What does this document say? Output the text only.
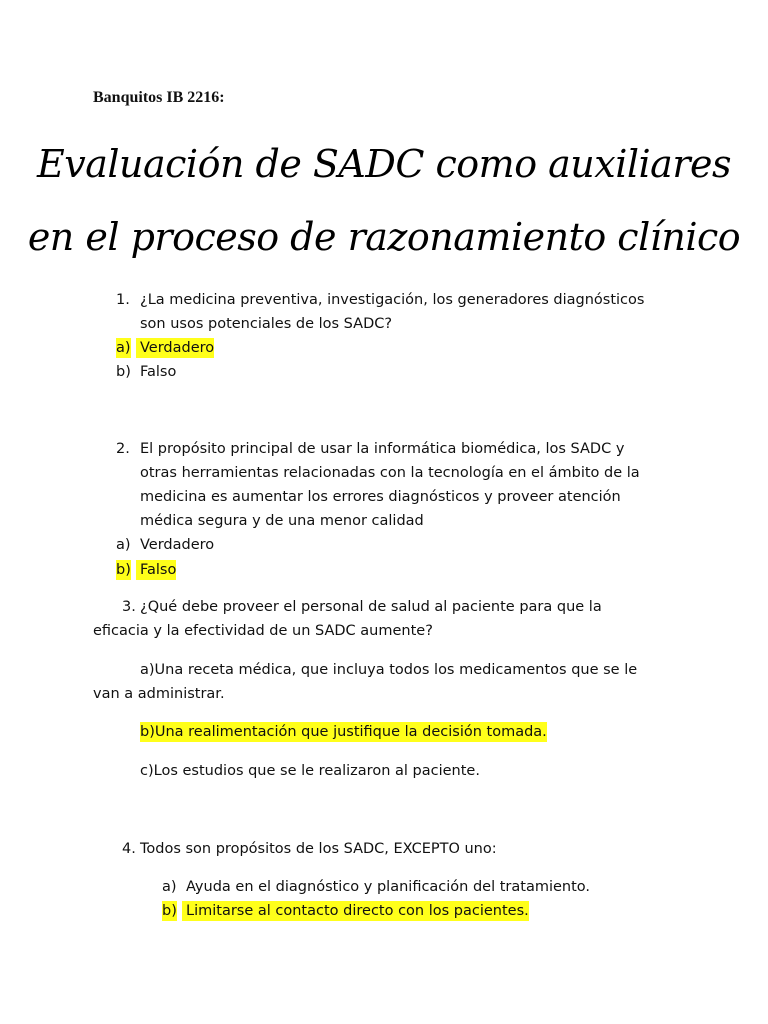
Banquitos IB 2216:
Evaluación de SADC como auxiliares
en el proceso de razonamiento clínico
1. ¿La medicina preventiva, investigación, los generadores diagnósticos
son usos potenciales de los SADC?
a) Verdadero
b) Falso
2. El propósito principal de usar la informática biomédica, los SADC y
otras herramientas relacionadas con la tecnología en el ámbito de la
medicina es aumentar los errores diagnósticos y proveer atención
médica segura y de una menor calidad
a) Verdadero
b) Falso
3. ¿Qué debe proveer el personal de salud al paciente para que la
eficacia y la efectividad de un SADC aumente?
a)Una receta médica, que incluya todos los medicamentos que se le
van a administrar.
b)Una realimentación que justifique la decisión tomada.
c)Los estudios que se le realizaron al paciente.
4. Todos son propósitos de los SADC, EXCEPTO uno:
a) Ayuda en el diagnóstico y planificación del tratamiento.
b) Limitarse al contacto directo con los pacientes.
